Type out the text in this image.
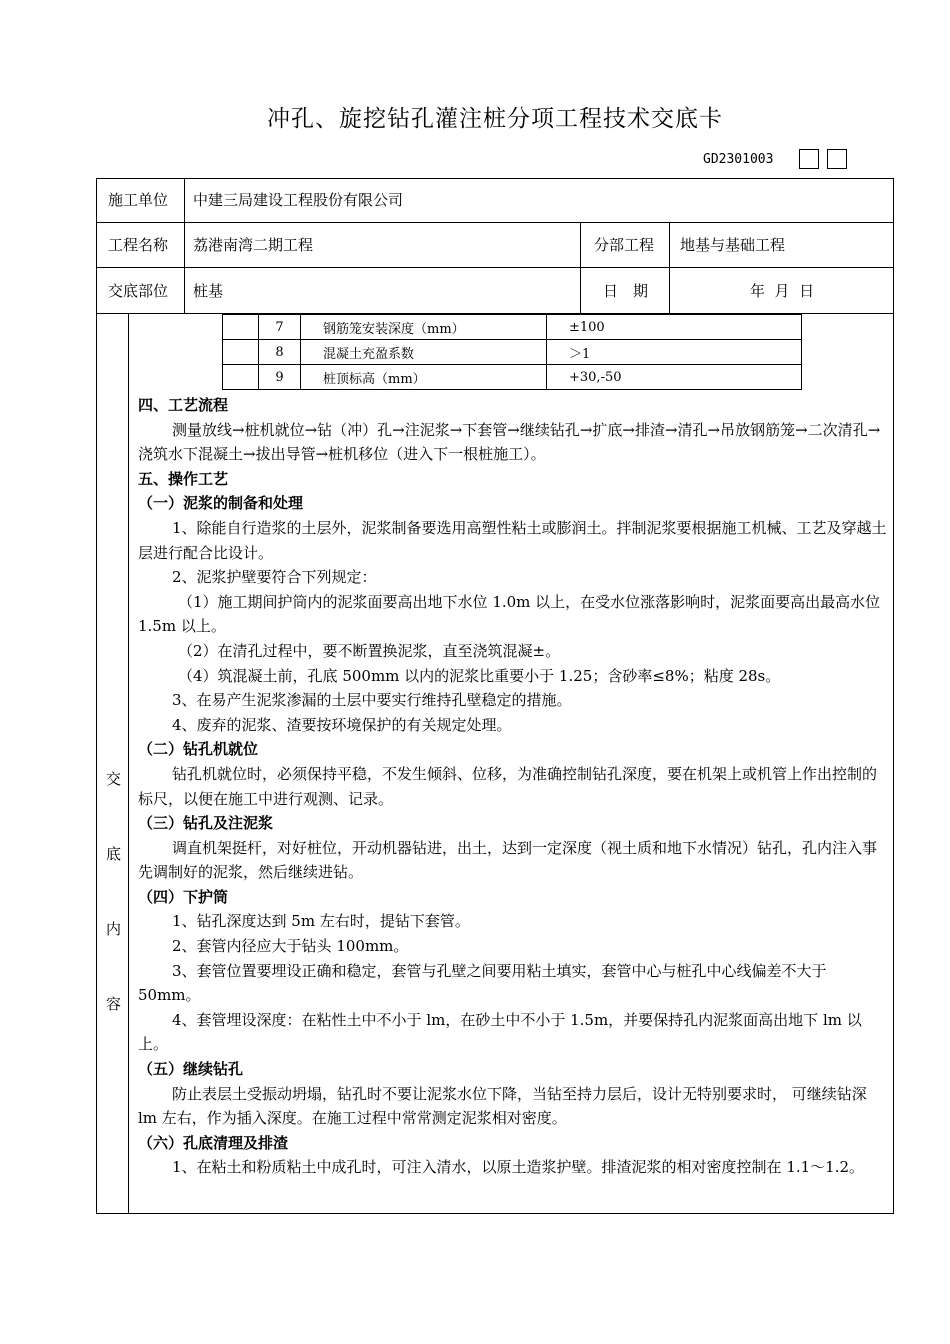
冲孔、旋挖钻孔灌注桩分项工程技术交底卡
GD2301003
施工单位 中建三局建设工程股份有限公司
工程名称 荔港南湾二期工程	分部工程 地基与基础工程
交底部位 桩基	日　期	年  月  日
交
底
内
容
	7	钢筋笼安装深度（mm）	±100
	8	混凝土充盈系数	＞1
	9	桩顶标高（mm）	+30,-50

四、工艺流程

测量放线→桩机就位→钻（冲）孔→注泥浆→下套管→继续钻孔→扩底→排渣→清孔→吊放钢筋笼→二次清孔→浇筑水下混凝土→拔出导管→桩机移位（进入下一根桩施工）。

五、操作工艺

（一）泥浆的制备和处理

1、除能自行造浆的土层外，泥浆制备要选用高塑性粘土或膨润土。拌制泥浆要根据施工机械、工艺及穿越土层进行配合比设计。

2、泥浆护壁要符合下列规定：

（1）施工期间护筒内的泥浆面要高出地下水位 1.0m 以上，在受水位涨落影响时，泥浆面要高出最高水位 1.5m 以上。

（2）在清孔过程中，要不断置换泥浆，直至浇筑混凝±。

（4）筑混凝土前，孔底 500mm 以内的泥浆比重要小于 1.25；含砂率≤8%；粘度 28s。

3、在易产生泥浆渗漏的土层中要实行维持孔壁稳定的措施。

4、废弃的泥浆、渣要按环境保护的有关规定处理。

（二）钻孔机就位

钻孔机就位时，必须保持平稳，不发生倾斜、位移，为准确控制钻孔深度，要在机架上或机管上作出控制的标尺，以便在施工中进行观测、记录。

（三）钻孔及注泥浆

调直机架挺杆，对好桩位，开动机器钻进，出土，达到一定深度（视土质和地下水情况）钻孔，孔内注入事先调制好的泥浆，然后继续进钻。

（四）下护筒

1、钻孔深度达到 5m 左右时，提钻下套管。

2、套管内径应大于钻头 100mm。

3、套管位置要埋设正确和稳定，套管与孔壁之间要用粘土填实，套管中心与桩孔中心线偏差不大于 50mm。

4、套管埋设深度：在粘性土中不小于 lm，在砂土中不小于 1.5m，并要保持孔内泥浆面高出地下 lm 以上。

（五）继续钻孔

防止表层土受振动坍塌，钻孔时不要让泥浆水位下降，当钻至持力层后，设计无特别要求时， 可继续钻深 lm 左右，作为插入深度。在施工过程中常常测定泥浆相对密度。

（六）孔底清理及排渣

1、在粘土和粉质粘土中成孔时，可注入清水，以原土造浆护壁。排渣泥浆的相对密度控制在 1.1～1.2。
